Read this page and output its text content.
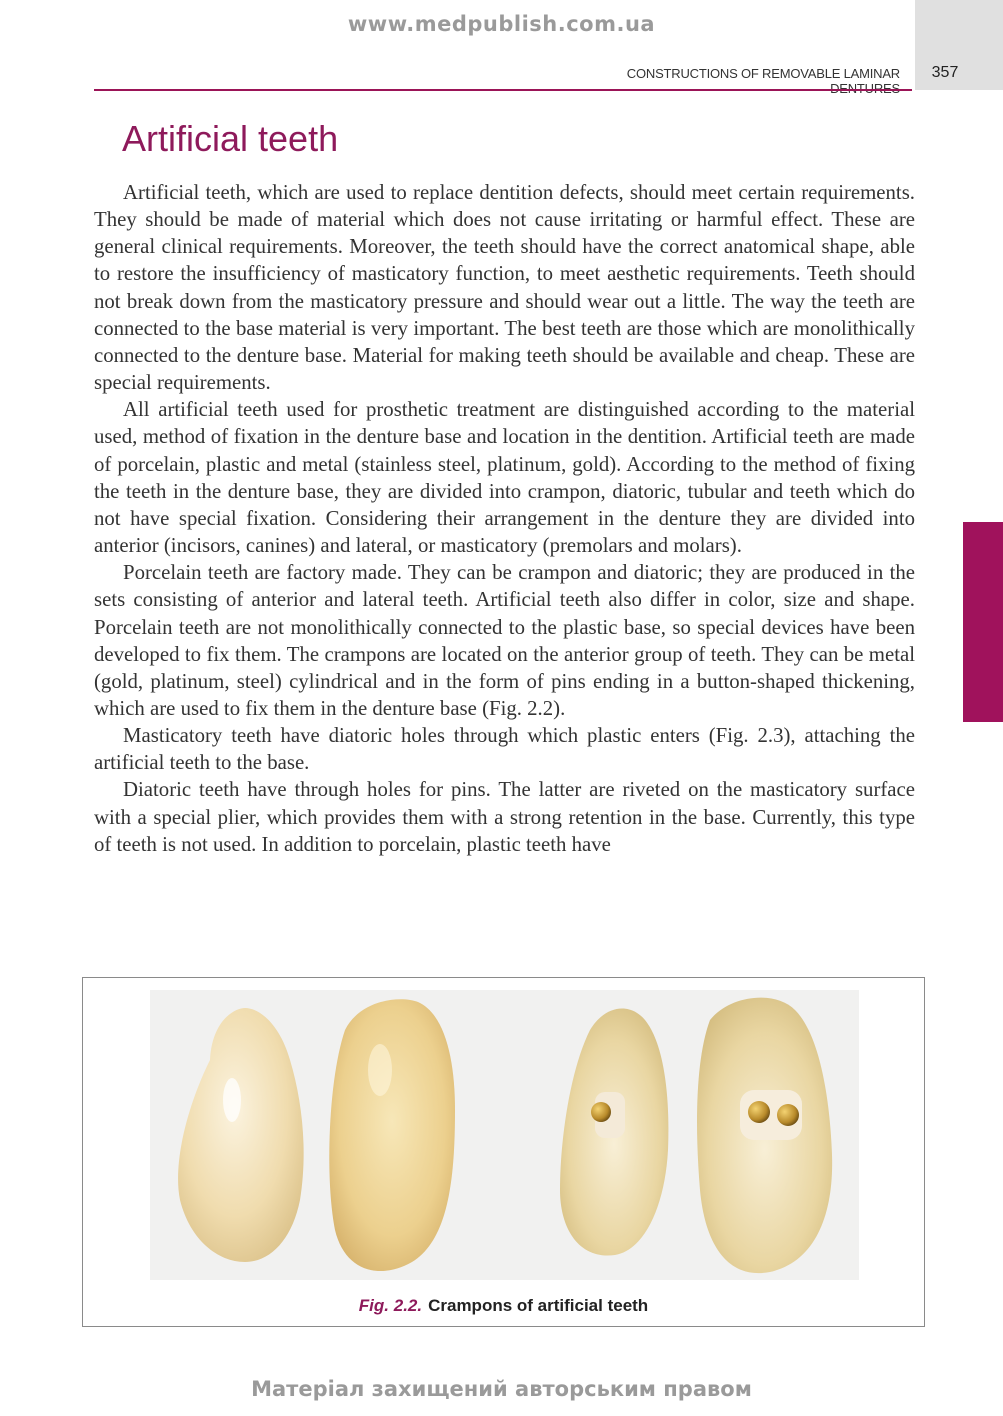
www.medpublish.com.ua
CONSTRUCTIONS OF REMOVABLE LAMINAR DENTURES
357
Artificial teeth

Artificial teeth, which are used to replace dentition defects, should meet certain requirements. They should be made of material which does not cause irritating or harmful effect. These are general clinical requirements. Moreover, the teeth should have the correct anatomical shape, able to restore the insufficiency of masticatory function, to meet aesthetic requirements. Teeth should not break down from the masticatory pressure and should wear out a little. The way the teeth are connected to the base material is very important. The best teeth are those which are monolithically connected to the denture base. Material for making teeth should be available and cheap. These are special requirements.

All artificial teeth used for prosthetic treatment are distinguished according to the material used, method of fixation in the denture base and location in the dentition. Artificial teeth are made of porcelain, plastic and metal (stainless steel, platinum, gold). According to the method of fixing the teeth in the denture base, they are divided into crampon, diatoric, tubular and teeth which do not have special fixation. Considering their arrangement in the denture they are divided into anterior (incisors, canines) and lateral, or masticatory (premolars and molars).

Porcelain teeth are factory made. They can be crampon and diatoric; they are produced in the sets consisting of anterior and lateral teeth. Artificial teeth also differ in color, size and shape. Porcelain teeth are not monolithically connected to the plastic base, so special devices have been developed to fix them. The crampons are located on the anterior group of teeth. They can be metal (gold, platinum, steel) cylindrical and in the form of pins ending in a button-shaped thickening, which are used to fix them in the denture base (Fig. 2.2).

Masticatory teeth have diatoric holes through which plastic enters (Fig. 2.3), attaching the artificial teeth to the base.

Diatoric teeth have through holes for pins. The latter are riveted on the masticatory surface with a special plier, which provides them with a strong retention in the base. Currently, this type of teeth is not used. In addition to porcelain, plastic teeth have

Fig. 2.2. Crampons of artificial teeth
Матеріал захищений авторським правом
